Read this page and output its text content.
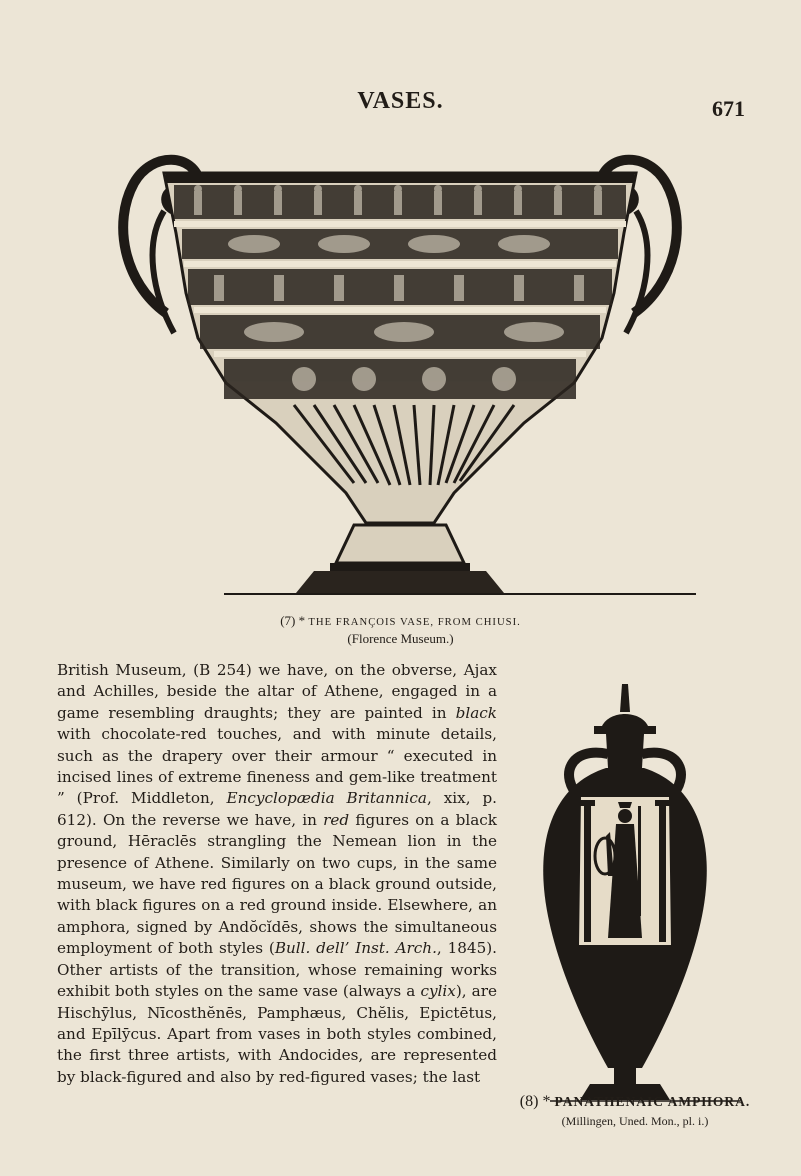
VASES.	671
(7) * THE FRANÇOIS VASE, FROM CHIUSI.
(Florence Museum.)

British Museum, (B 254) we have, on the obverse, Ajax and Achilles, beside the altar of Athene, engaged in a game resembling draughts; they are painted in black with chocolate-red touches, and with minute details, such as the drapery over their armour “ executed in incised lines of extreme fineness and gem-like treatment ” (Prof. Middleton, Encyclopædia Britannica, xix, p. 612). On the reverse we have, in red figures on a black ground, Hēraclēs strangling the Nemean lion in the presence of Athene. Similarly on two cups, in the same museum, we have red figures on a black ground outside, with black figures on a red ground inside. Elsewhere, an amphora, signed by Andŏcĭdēs, shows the simultaneous employment of both styles (Bull. dell’ Inst. Arch., 1845). Other artists of the transition, whose remaining works exhibit both styles on the same vase (always a cylix), are Hischȳlus, Nīcosthĕnēs, Pamphæus, Chĕlis, Epictētus, and Epīlȳcus. Apart from vases in both styles combined, the first three artists, with Andocides, are represented by black-figured and also by red-figured vases; the last

(8) * PANATHENAIC AMPHORA.
(Millingen, Uned. Mon., pl. i.)
